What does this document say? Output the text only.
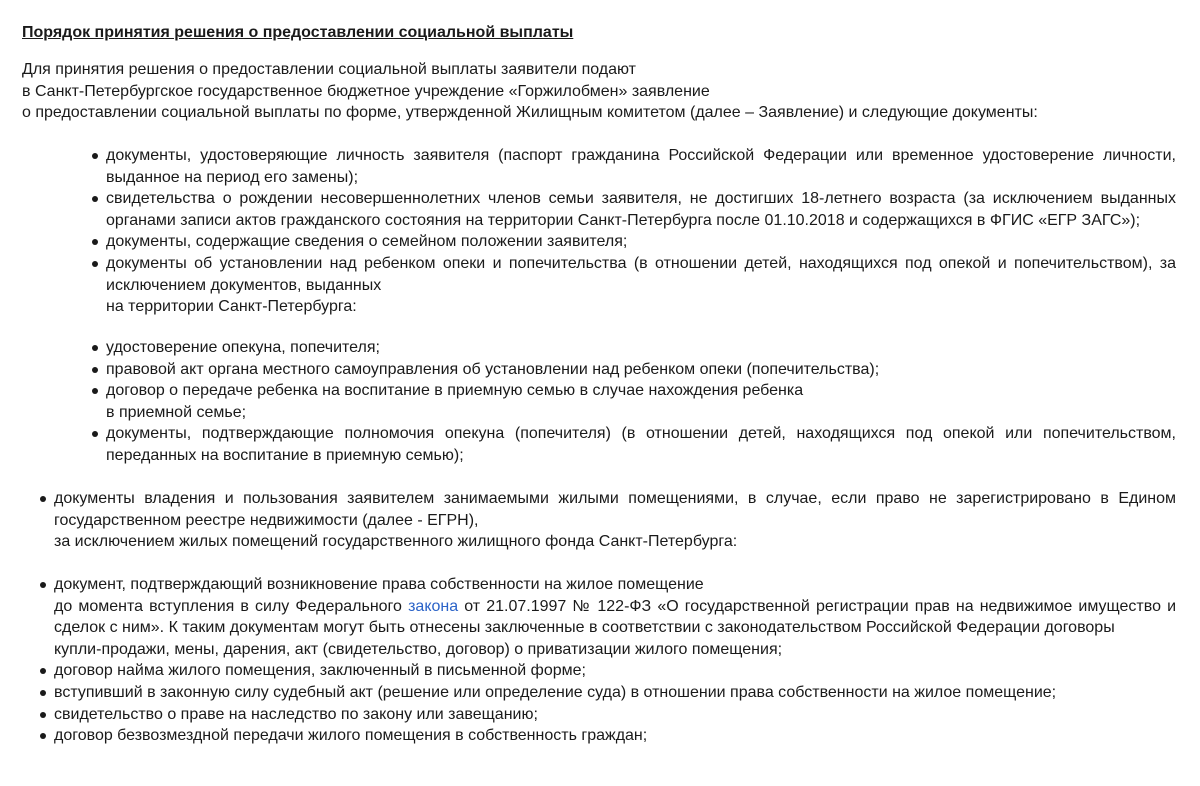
Порядок принятия решения о предоставлении социальной выплаты

Для принятия решения о предоставлении социальной выплаты заявители подают
в Санкт-Петербургское государственное бюджетное учреждение «Горжилобмен» заявление
о предоставлении социальной выплаты по форме, утвержденной Жилищным комитетом (далее – Заявление) и следующие документы:

документы, удостоверяющие личность заявителя (паспорт гражданина Российской Федерации или временное удостоверение личности,
выданное на период его замены);
свидетельства о рождении несовершеннолетних членов семьи заявителя, не достигших 18-летнего возраста (за исключением выданных
органами записи актов гражданского состояния на территории Санкт-Петербурга после 01.10.2018 и содержащихся в ФГИС «ЕГР ЗАГС»);
документы, содержащие сведения о семейном положении заявителя;
документы об установлении над ребенком опеки и попечительства (в отношении детей, находящихся под опекой и попечительством), за
исключением документов, выданных
на территории Санкт-Петербурга:
удостоверение опекуна, попечителя;
правовой акт органа местного самоуправления об установлении над ребенком опеки (попечительства);
договор о передаче ребенка на воспитание в приемную семью в случае нахождения ребенка
в приемной семье;
документы, подтверждающие полномочия опекуна (попечителя) (в отношении детей, находящихся под опекой или попечительством,
переданных на воспитание в приемную семью);
документы владения и пользования заявителем занимаемыми жилыми помещениями, в случае, если право не зарегистрировано в Едином
государственном реестре недвижимости (далее - ЕГРН),
за исключением жилых помещений государственного жилищного фонда Санкт-Петербурга:
документ, подтверждающий возникновение права собственности на жилое помещение
до момента вступления в силу Федерального закона от 21.07.1997 № 122-ФЗ «О государственной регистрации прав на недвижимое имущество и
сделок с ним». К таким документам могут быть отнесены заключенные в соответствии с законодательством Российской Федерации договоры
купли-продажи, мены, дарения, акт (свидетельство, договор) о приватизации жилого помещения;
договор найма жилого помещения, заключенный в письменной форме;
вступивший в законную силу судебный акт (решение или определение суда) в отношении права собственности на жилое помещение;
свидетельство о праве на наследство по закону или завещанию;
договор безвозмездной передачи жилого помещения в собственность граждан;
